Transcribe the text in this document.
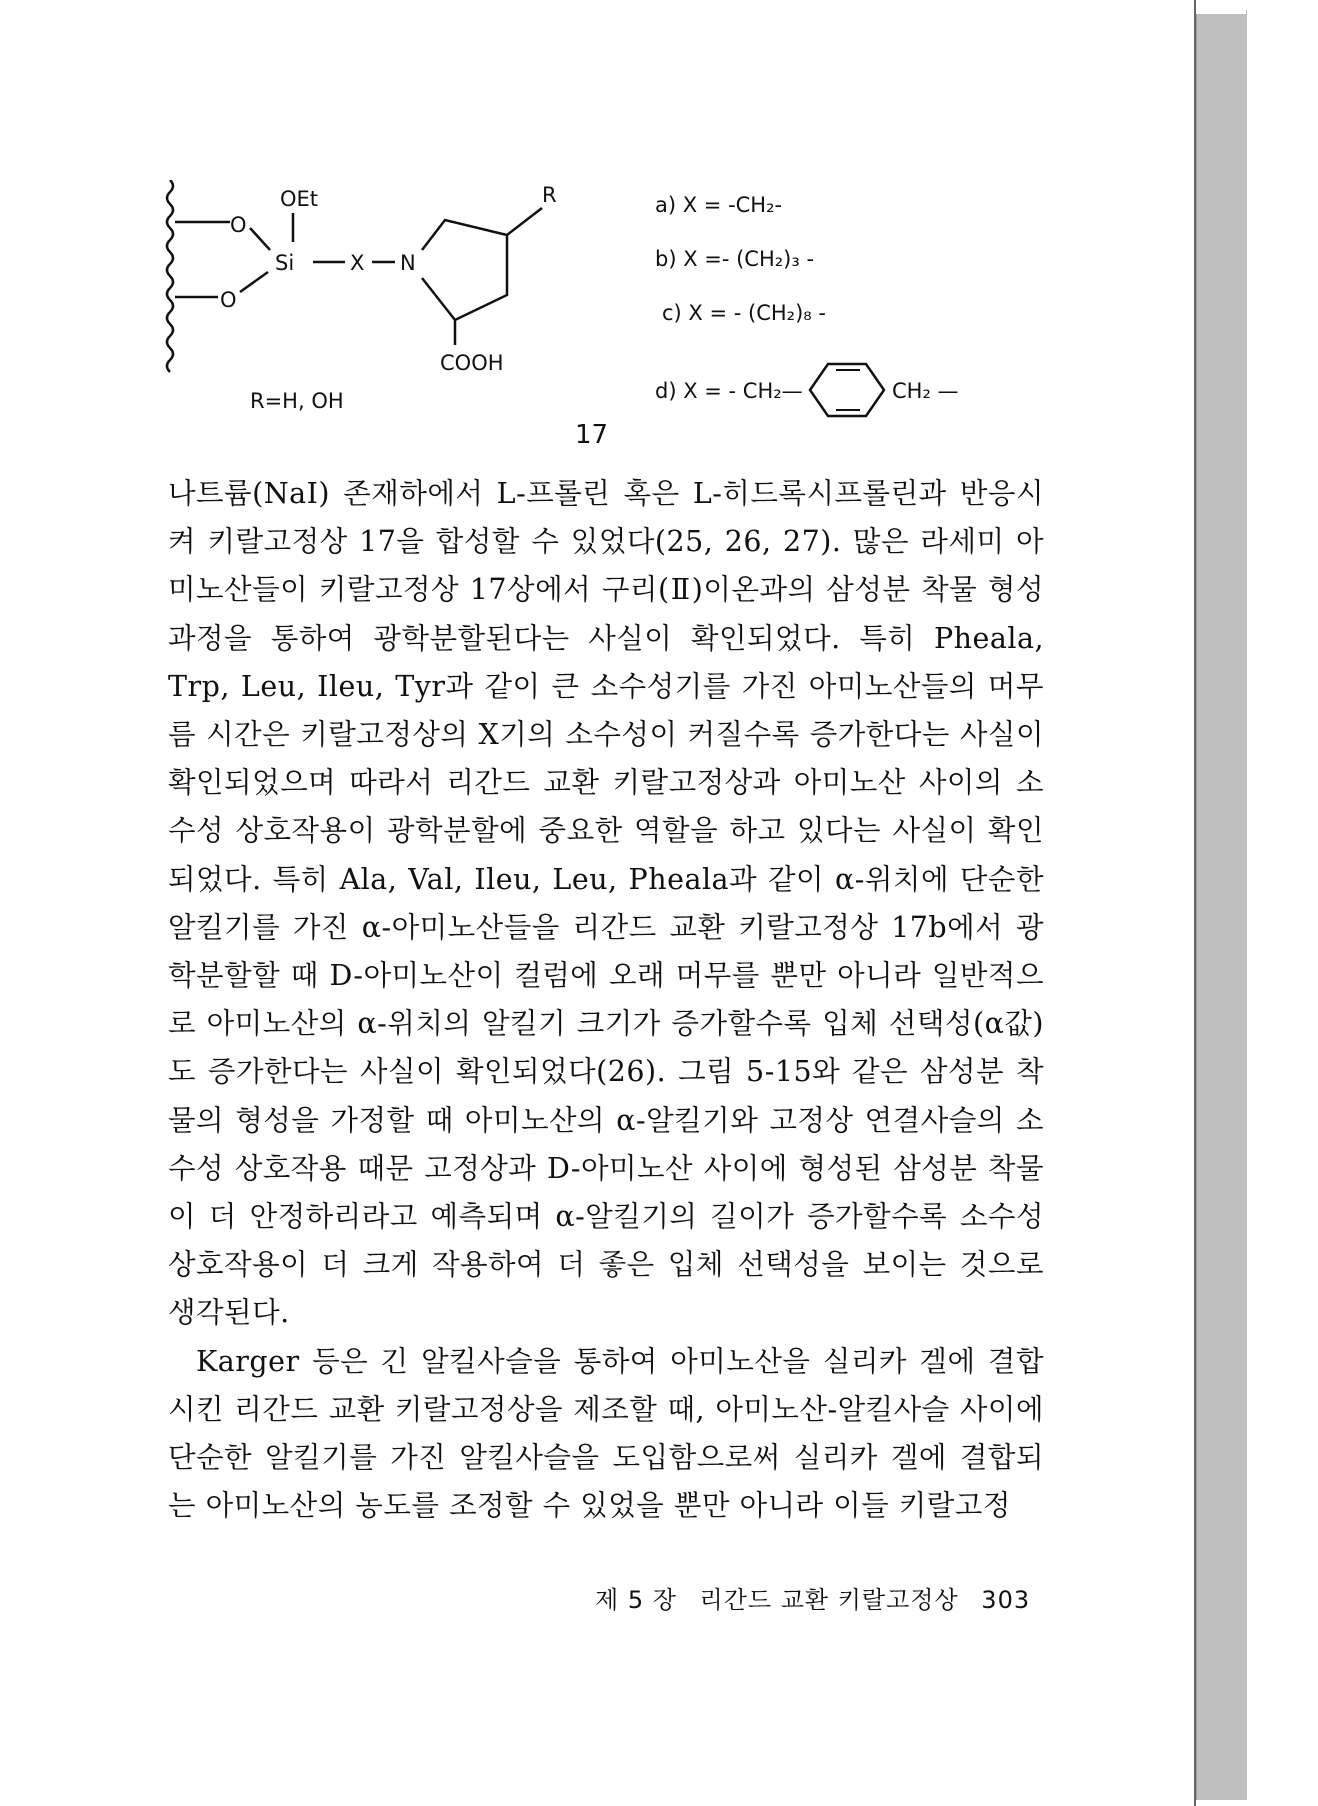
O
O
OEt
Si	X N
R
COOH
R=H, OH
a) X = -CH₂-
b) X =- (CH₂)₃ -
c) X = - (CH₂)₈ -
d) X = - CH₂—	CH₂ —
17

나트륨(NaI) 존재하에서 L-프롤린 혹은 L-히드록시프롤린과 반응시켜 키랄고정상 17을 합성할 수 있었다(25, 26, 27). 많은 라세미 아미노산들이 키랄고정상 17상에서 구리(Ⅱ)이온과의 삼성분 착물 형성과정을 통하여 광학분할된다는 사실이 확인되었다. 특히 Pheala, Trp, Leu, Ileu, Tyr과 같이 큰 소수성기를 가진 아미노산들의 머무름 시간은 키랄고정상의 X기의 소수성이 커질수록 증가한다는 사실이 확인되었으며 따라서 리간드 교환 키랄고정상과 아미노산 사이의 소수성 상호작용이 광학분할에 중요한 역할을 하고 있다는 사실이 확인되었다. 특히 Ala, Val, Ileu, Leu, Pheala과 같이 α-위치에 단순한 알킬기를 가진 α-아미노산들을 리간드 교환 키랄고정상 17b에서 광학분할할 때 D-아미노산이 컬럼에 오래 머무를 뿐만 아니라 일반적으로 아미노산의 α-위치의 알킬기 크기가 증가할수록 입체 선택성(α값)도 증가한다는 사실이 확인되었다(26). 그림 5-15와 같은 삼성분 착물의 형성을 가정할 때 아미노산의 α-알킬기와 고정상 연결사슬의 소수성 상호작용 때문 고정상과 D-아미노산 사이에 형성된 삼성분 착물이 더 안정하리라고 예측되며 α-알킬기의 길이가 증가할수록 소수성 상호작용이 더 크게 작용하여 더 좋은 입체 선택성을 보이는 것으로 생각된다.

Karger 등은 긴 알킬사슬을 통하여 아미노산을 실리카 겔에 결합시킨 리간드 교환 키랄고정상을 제조할 때, 아미노산-알킬사슬 사이에 단순한 알킬기를 가진 알킬사슬을 도입함으로써 실리카 겔에 결합되는 아미노산의 농도를 조정할 수 있었을 뿐만 아니라 이들 키랄고정

제 5 장 리간드 교환 키랄고정상 303
